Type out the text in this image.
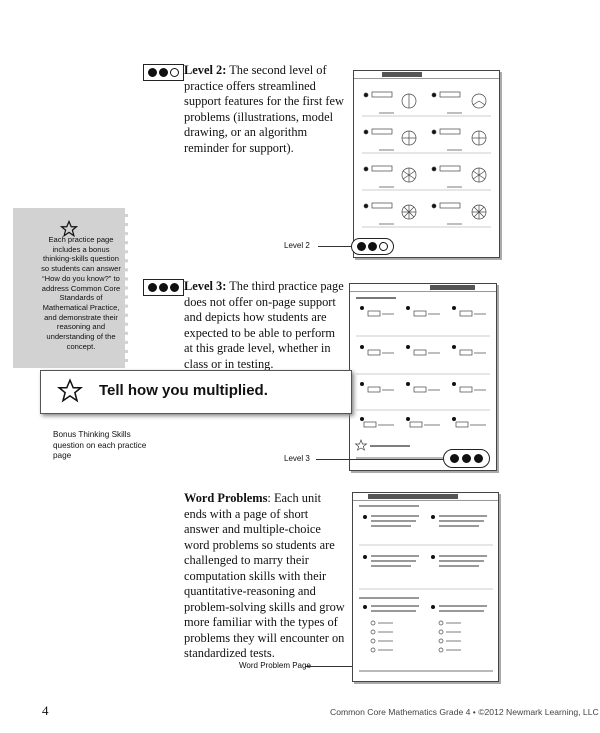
Level 2: The second level of practice offers streamlined support features for the first few problems (illustrations, model drawing, or an algorithm reminder for support).
Level 2
Each practice page includes a bonus thinking-skills question so students can answer “How do you know?” to address Common Core Standards of Mathematical Practice, and demonstrate their reasoning and understanding of the concept.
Level 3: The third practice page does not offer on-page support and depicts how students are expected to be able to perform at this grade level, whether in class or in testing.
Level 3
Tell how you multiplied.
Bonus Thinking Skills question on each practice page
Word Problems: Each unit ends with a page of short answer and multiple-choice word problems so students are challenged to marry their computation skills with their quantitative-reasoning and problem-solving skills and grow more familiar with the types of problems they will encounter on standardized tests.
Word Problem Page
4	Common Core Mathematics Grade 4 • ©2012 Newmark Learning, LLC
